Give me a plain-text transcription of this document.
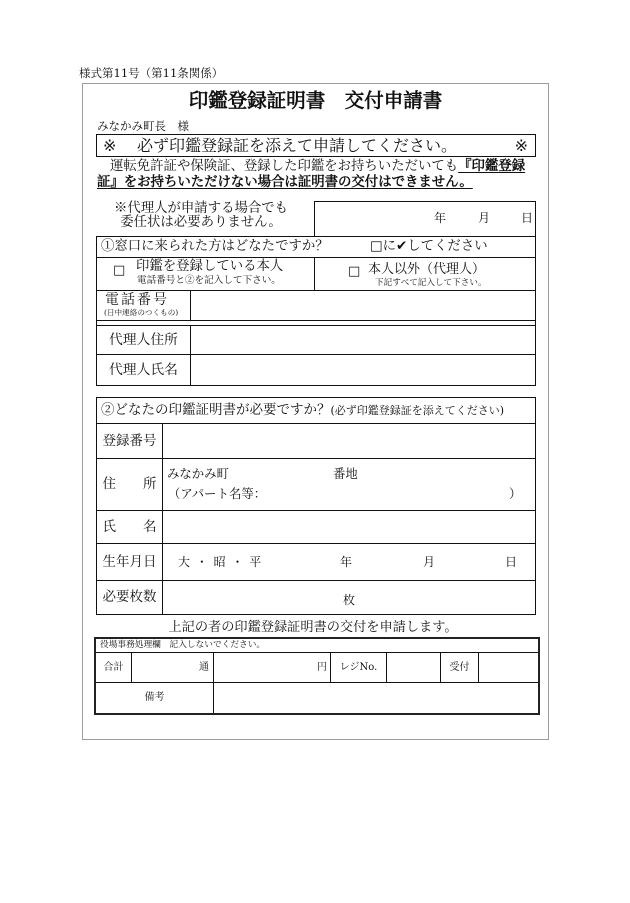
様式第11号（第11条関係）
印鑑登録証明書　交付申請書
みなかみ町長　様
※ 必ず印鑑登録証を添えて申請してください。	※
運転免許証や保険証、登録した印鑑をお持ちいただいても『印鑑登録
証』をお持ちいただけない場合は証明書の交付はできません。
※代理人が申請する場合でも
委任状は必要ありません。	年	月	日
①窓口に来られた方はどなたですか？	□に✔してください
□ 印鑑を登録している本人
電話番号と②を記入して下さい。
□ 本人以外（代理人）
下記すべて記入して下さい。
電話番号
(日中連絡のつくもの)
代理人住所
代理人氏名
②どなたの印鑑証明書が必要ですか？(必ず印鑑登録証を添えてください)
登録番号
住　　所
みなかみ町	番地
（アパート名等：	）
氏　　名
生年月日	大 ・ 昭 ・ 平	年	月	日
必要枚数	枚
上記の者の印鑑登録証明書の交付を申請します。
役場事務処理欄　記入しないでください。
合計	通	円	レジNo.	受付
備考
